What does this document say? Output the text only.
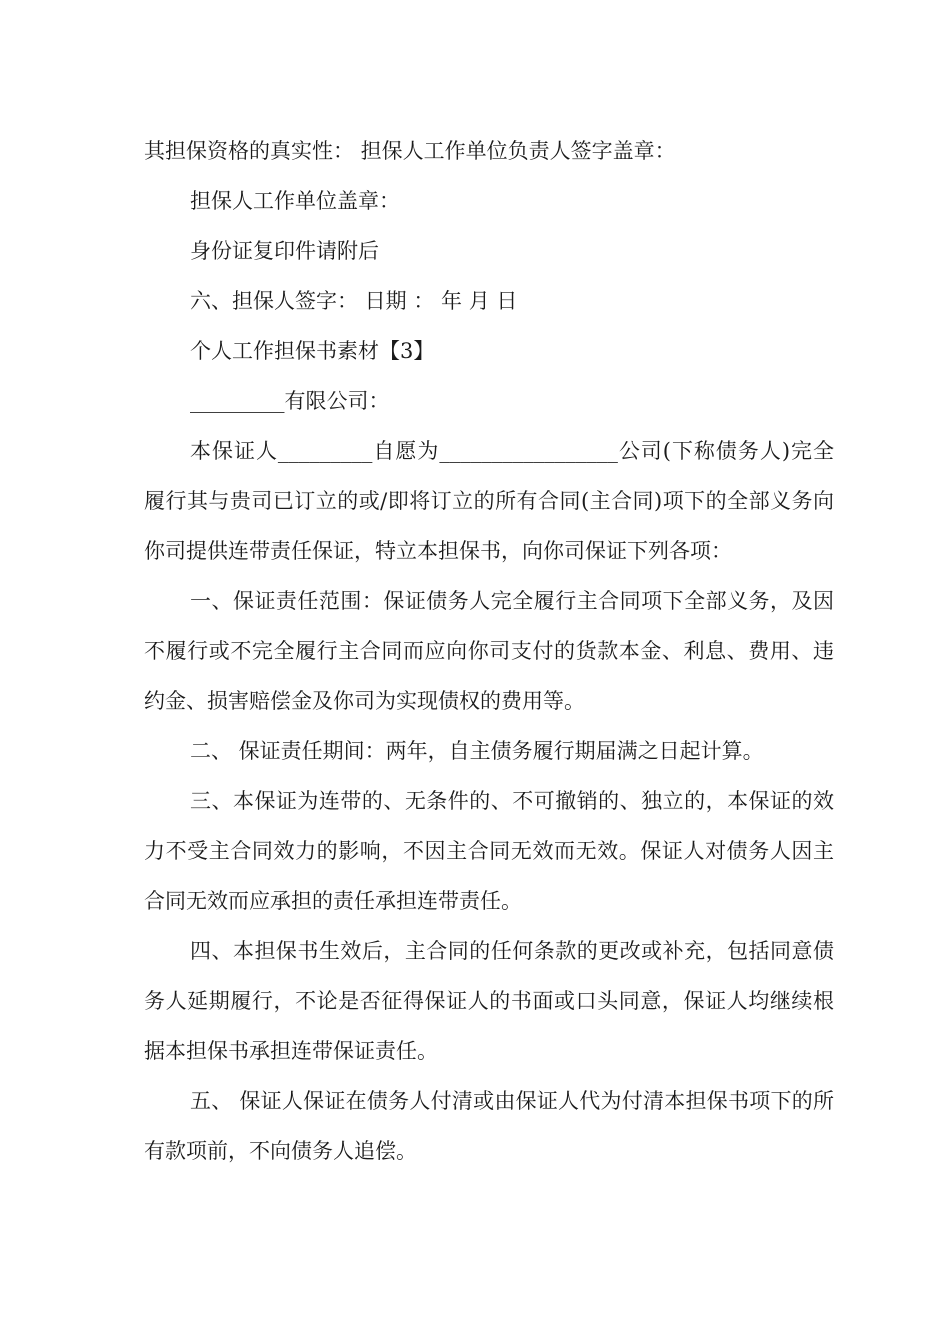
其担保资格的真实性： 担保人工作单位负责人签字盖章：

担保人工作单位盖章：

身份证复印件请附后

六、担保人签字： 日期 ： 年 月 日

个人工作担保书素材【3】

_________有限公司：

本保证人_________自愿为_________________公司(下称债务人)完全履行其与贵司已订立的或/即将订立的所有合同(主合同)项下的全部义务向你司提供连带责任保证，特立本担保书，向你司保证下列各项：

一、保证责任范围：保证债务人完全履行主合同项下全部义务，及因不履行或不完全履行主合同而应向你司支付的货款本金、利息、费用、违约金、损害赔偿金及你司为实现债权的费用等。

二、 保证责任期间：两年，自主债务履行期届满之日起计算。

三、本保证为连带的、无条件的、不可撤销的、独立的，本保证的效力不受主合同效力的影响，不因主合同无效而无效。保证人对债务人因主合同无效而应承担的责任承担连带责任。

四、本担保书生效后，主合同的任何条款的更改或补充，包括同意债务人延期履行，不论是否征得保证人的书面或口头同意，保证人均继续根据本担保书承担连带保证责任。

五、 保证人保证在债务人付清或由保证人代为付清本担保书项下的所有款项前，不向债务人追偿。
